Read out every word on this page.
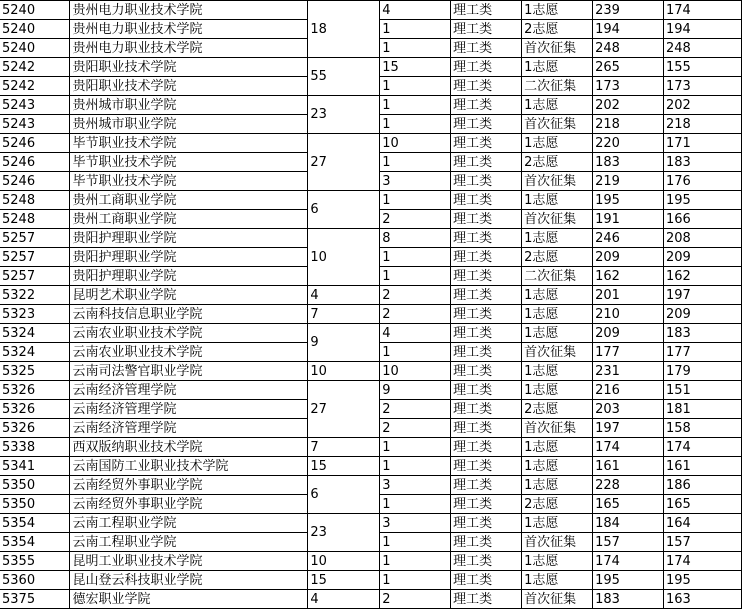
5240	贵州电力职业技术学院	18	4	理工类	1志愿	239	174
5240	贵州电力职业技术学院		1	理工类	2志愿	194	194
5240	贵州电力职业技术学院		1	理工类	首次征集	248	248
5242	贵阳职业技术学院	55	15	理工类	1志愿	265	155
5242	贵阳职业技术学院		1	理工类	二次征集	173	173
5243	贵州城市职业学院	23	1	理工类	1志愿	202	202
5243	贵州城市职业学院		1	理工类	首次征集	218	218
5246	毕节职业技术学院	27	10	理工类	1志愿	220	171
5246	毕节职业技术学院		1	理工类	2志愿	183	183
5246	毕节职业技术学院		3	理工类	首次征集	219	176
5248	贵州工商职业学院	6	1	理工类	1志愿	195	195
5248	贵州工商职业学院		2	理工类	首次征集	191	166
5257	贵阳护理职业学院	10	8	理工类	1志愿	246	208
5257	贵阳护理职业学院		1	理工类	2志愿	209	209
5257	贵阳护理职业学院		1	理工类	二次征集	162	162
5322	昆明艺术职业学院	4	2	理工类	1志愿	201	197
5323	云南科技信息职业学院	7	2	理工类	1志愿	210	209
5324	云南农业职业技术学院	9	4	理工类	1志愿	209	183
5324	云南农业职业技术学院		1	理工类	首次征集	177	177
5325	云南司法警官职业学院	10	10	理工类	1志愿	231	179
5326	云南经济管理学院	27	9	理工类	1志愿	216	151
5326	云南经济管理学院		2	理工类	2志愿	203	181
5326	云南经济管理学院		2	理工类	首次征集	197	158
5338	西双版纳职业技术学院	7	1	理工类	1志愿	174	174
5341	云南国防工业职业技术学院	15	1	理工类	1志愿	161	161
5350	云南经贸外事职业学院	6	3	理工类	1志愿	228	186
5350	云南经贸外事职业学院		1	理工类	2志愿	165	165
5354	云南工程职业学院	23	3	理工类	1志愿	184	164
5354	云南工程职业学院		1	理工类	首次征集	157	157
5355	昆明工业职业技术学院	10	1	理工类	1志愿	174	174
5360	昆山登云科技职业学院	15	1	理工类	1志愿	195	195
5375	德宏职业学院	4	2	理工类	首次征集	183	163
